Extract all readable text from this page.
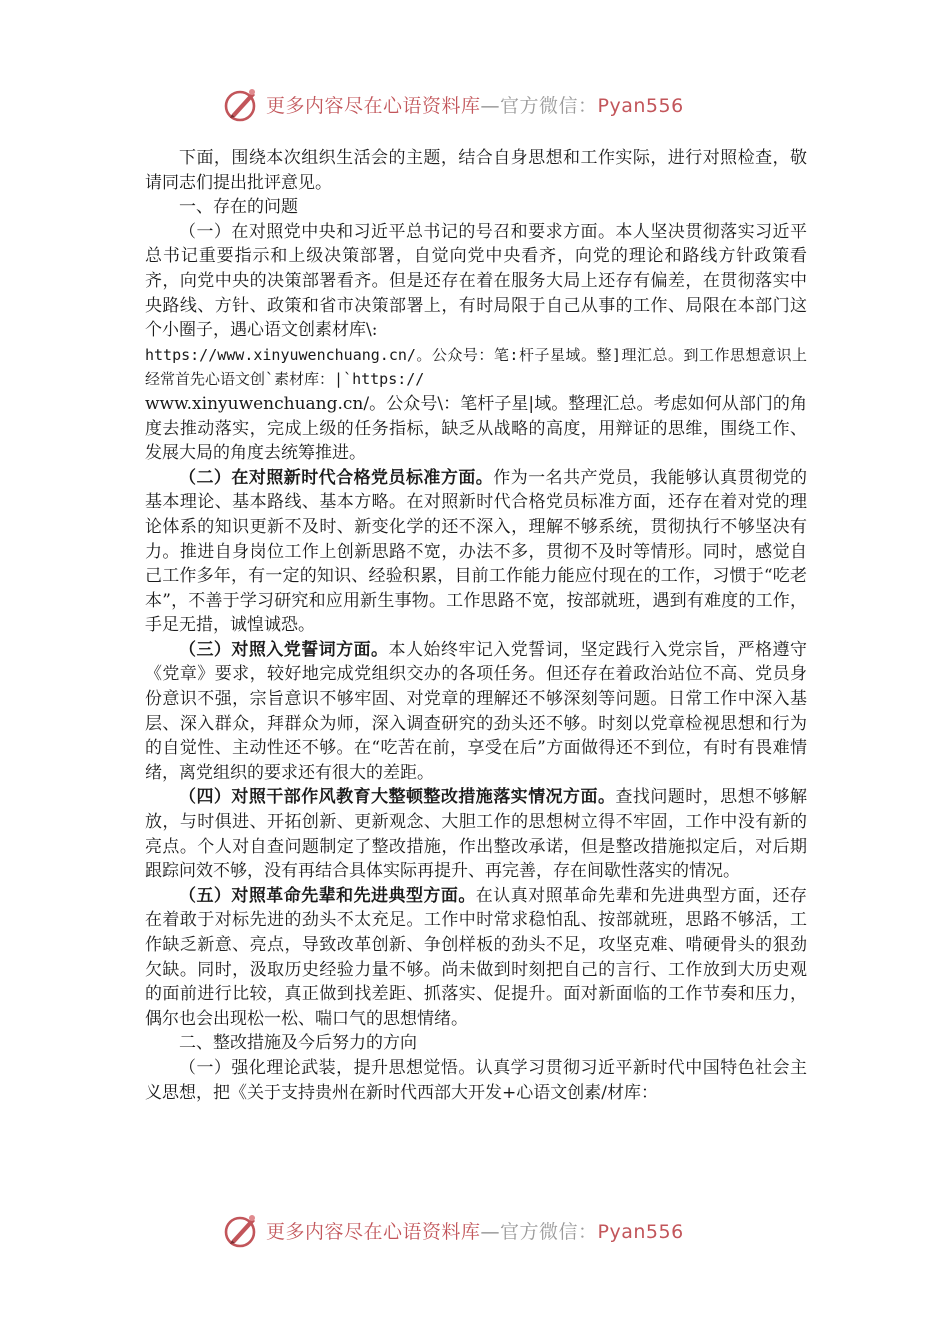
更多内容尽在心语资料库—官方微信：Pyan556

下面，围绕本次组织生活会的主题，结合自身思想和工作实际，进行对照检查，敬请同志们提出批评意见。

一、存在的问题

（一）在对照党中央和习近平总书记的号召和要求方面。本人坚决贯彻落实习近平总书记重要指示和上级决策部署，自觉向党中央看齐，向党的理论和路线方针政策看齐，向党中央的决策部署看齐。但是还存在着在服务大局上还存有偏差，在贯彻落实中央路线、方针、政策和省市决策部署上，有时局限于自己从事的工作、局限在本部门这个小圈子，遇心语文创素材库\:

https://www.xinyuwenchuang.cn/。公众号：笔:杆子星域。整]理汇总。到工作思想意识上经常首先心语文创`素材库：|`https://

www.xinyuwenchuang.cn/。公众号\：笔杆子星|域。整理汇总。考虑如何从部门的角度去推动落实，完成上级的任务指标，缺乏从战略的高度，用辩证的思维，围绕工作、发展大局的角度去统筹推进。

（二）在对照新时代合格党员标准方面。作为一名共产党员，我能够认真贯彻党的基本理论、基本路线、基本方略。在对照新时代合格党员标准方面，还存在着对党的理论体系的知识更新不及时、新变化学的还不深入，理解不够系统，贯彻执行不够坚决有力。推进自身岗位工作上创新思路不宽，办法不多，贯彻不及时等情形。同时，感觉自己工作多年，有一定的知识、经验积累，目前工作能力能应付现在的工作，习惯于“吃老本”，不善于学习研究和应用新生事物。工作思路不宽，按部就班，遇到有难度的工作，手足无措，诚惶诚恐。

（三）对照入党誓词方面。本人始终牢记入党誓词，坚定践行入党宗旨，严格遵守《党章》要求，较好地完成党组织交办的各项任务。但还存在着政治站位不高、党员身份意识不强，宗旨意识不够牢固、对党章的理解还不够深刻等问题。日常工作中深入基层、深入群众，拜群众为师，深入调查研究的劲头还不够。时刻以党章检视思想和行为的自觉性、主动性还不够。在“吃苦在前，享受在后”方面做得还不到位，有时有畏难情绪，离党组织的要求还有很大的差距。

（四）对照干部作风教育大整顿整改措施落实情况方面。查找问题时，思想不够解放，与时俱进、开拓创新、更新观念、大胆工作的思想树立得不牢固，工作中没有新的亮点。个人对自查问题制定了整改措施，作出整改承诺，但是整改措施拟定后，对后期跟踪问效不够，没有再结合具体实际再提升、再完善，存在间歇性落实的情况。

（五）对照革命先辈和先进典型方面。在认真对照革命先辈和先进典型方面，还存在着敢于对标先进的劲头不太充足。工作中时常求稳怕乱、按部就班，思路不够活，工作缺乏新意、亮点，导致改革创新、争创样板的劲头不足，攻坚克难、啃硬骨头的狠劲欠缺。同时，汲取历史经验力量不够。尚未做到时刻把自己的言行、工作放到大历史观的面前进行比较，真正做到找差距、抓落实、促提升。面对新面临的工作节奏和压力，偶尔也会出现松一松、喘口气的思想情绪。

二、整改措施及今后努力的方向

（一）强化理论武装，提升思想觉悟。认真学习贯彻习近平新时代中国特色社会主义思想，把《关于支持贵州在新时代西部大开发+心语文创素/材库：

更多内容尽在心语资料库—官方微信：Pyan556
